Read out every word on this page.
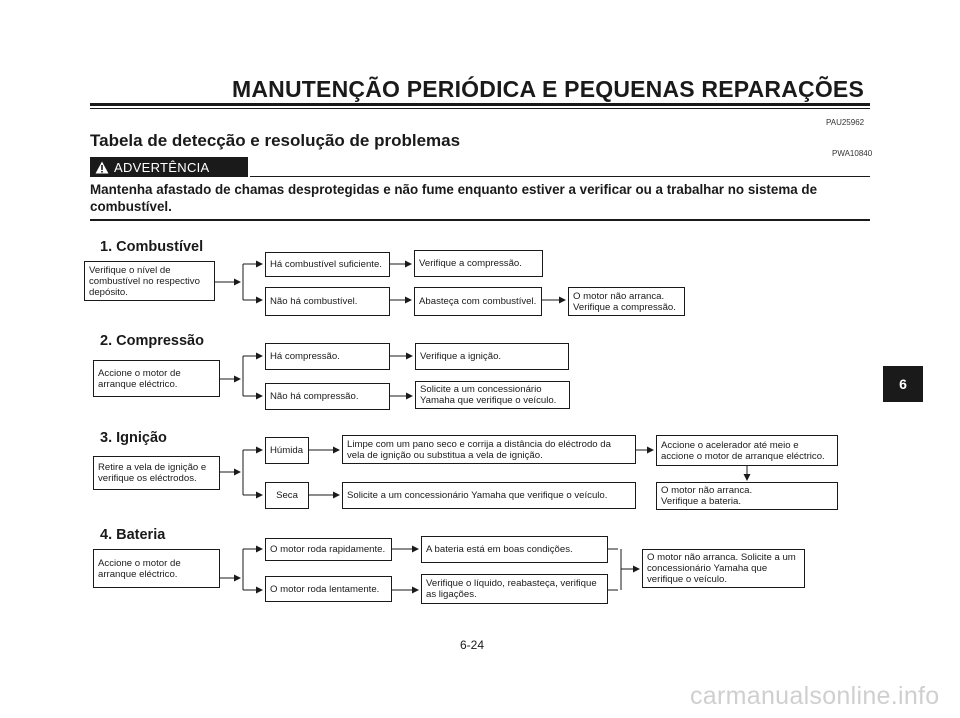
MANUTENÇÃO PERIÓDICA E PEQUENAS REPARAÇÕES
PAU25962
Tabela de detecção e resolução de problemas
PWA10840
ADVERTÊNCIA
Mantenha afastado de chamas desprotegidas e não fume enquanto estiver a verificar ou a trabalhar no sistema de combustível.
1. Combustível
Verifique o nível de combustível no respectivo depósito.
Há combustível suficiente.	Verifique a compressão.
Não há combustível.	Abasteça com combustível.	O motor não arranca.
Verifique a compressão.
2. Compressão
Accione o motor de arranque eléctrico.
Há compressão.	Verifique a ignição.
Não há compressão.
Solicite a um concessionário
Yamaha que verifique o veículo.
3. Ignição
Retire a vela de ignição e verifique os eléctrodos.
Húmida
Limpe com um pano seco e corrija a distância do eléctrodo da
vela de ignição ou substitua a vela de ignição.
Accione o acelerador até meio e
accione o motor de arranque eléctrico.
O motor não arranca.
Verifique a bateria.
Seca	Solicite a um concessionário Yamaha que verifique o veículo.
4. Bateria
Accione o motor de arranque eléctrico.
O motor roda rapidamente.	A bateria está em boas condições.
O motor roda lentamente.	Verifique o líquido, reabasteça, verifique
as ligações.
O motor não arranca. Solicite a um
concessionário Yamaha que
verifique o veículo.
6
6-24
carmanualsonline.info
